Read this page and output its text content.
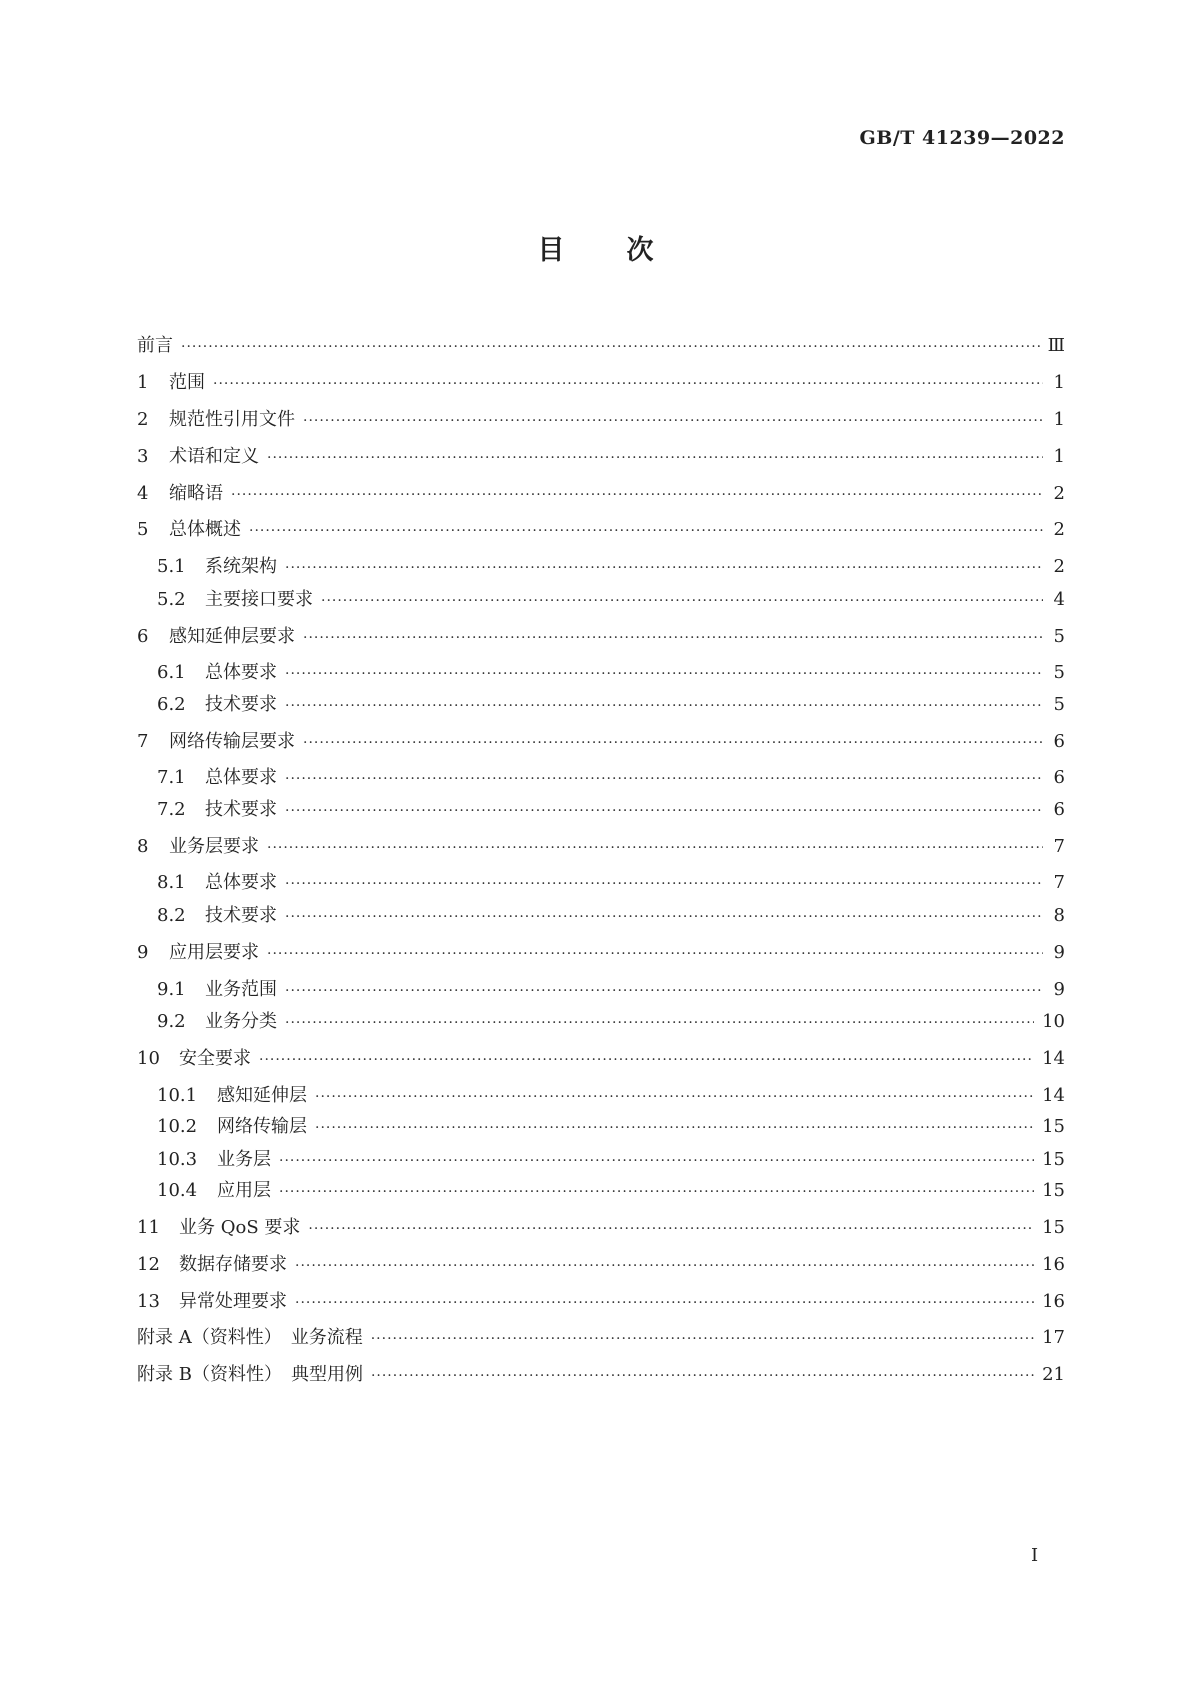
GB/T 41239—2022
目次
前言 ·····	Ⅲ
1	范围 ·····	1
2	规范性引用文件 ·····	1
3	术语和定义 ·····	1
4	缩略语 ·····	2
5	总体概述 ·····	2
5.1	系统架构 ·····	2
5.2	主要接口要求 ·····	4
6	感知延伸层要求 ·····	5
6.1	总体要求 ·····	5
6.2	技术要求 ·····	5
7	网络传输层要求 ·····	6
7.1	总体要求 ·····	6
7.2	技术要求 ·····	6
8	业务层要求 ·····	7
8.1	总体要求 ·····	7
8.2	技术要求 ·····	8
9	应用层要求 ·····	9
9.1	业务范围 ·····	9
9.2	业务分类 ·····	10
10	安全要求 ·····	14
10.1	感知延伸层 ·····	14
10.2	网络传输层 ·····	15
10.3	业务层 ·····	15
10.4	应用层 ·····	15
11	业务 QoS 要求 ·····	15
12	数据存储要求 ·····	16
13	异常处理要求 ·····	16
附录 A（资料性）　业务流程 ·····	17
附录 B（资料性）　典型用例 ·····	21
I
